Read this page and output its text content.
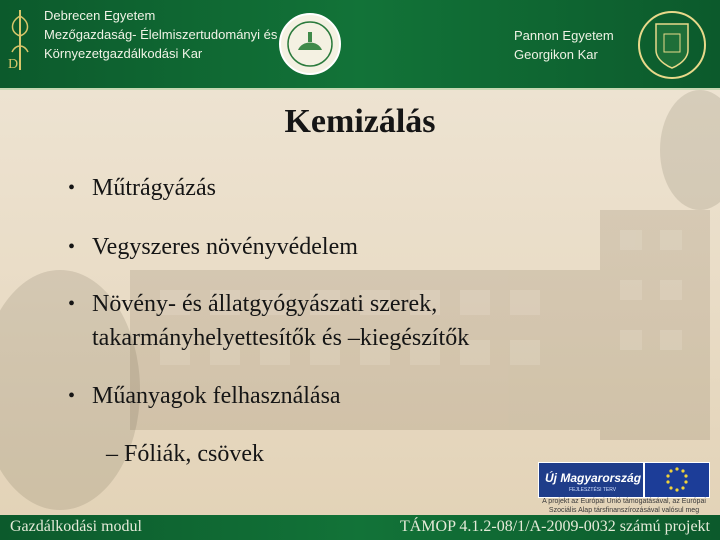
D
Debrecen Egyetem
Mezőgazdaság- Élelmiszertudományi és
Környezetgazdálkodási Kar
Pannon Egyetem
Georgikon Kar
Kemizálás
• Műtrágyázás
• Vegyszeres növényvédelem
• Növény- és állatgyógyászati szerek,
takarmányhelyettesítők és –kiegészítők
• Műanyagok felhasználása
– Fóliák, csövek
Új Magyarország
FEJLESZTÉSI TERV
A projekt az Európai Unió támogatásával, az Európai
Szociális Alap társfinanszírozásával valósul meg
Gazdálkodási modul	TÁMOP 4.1.2-08/1/A-2009-0032 számú projekt
